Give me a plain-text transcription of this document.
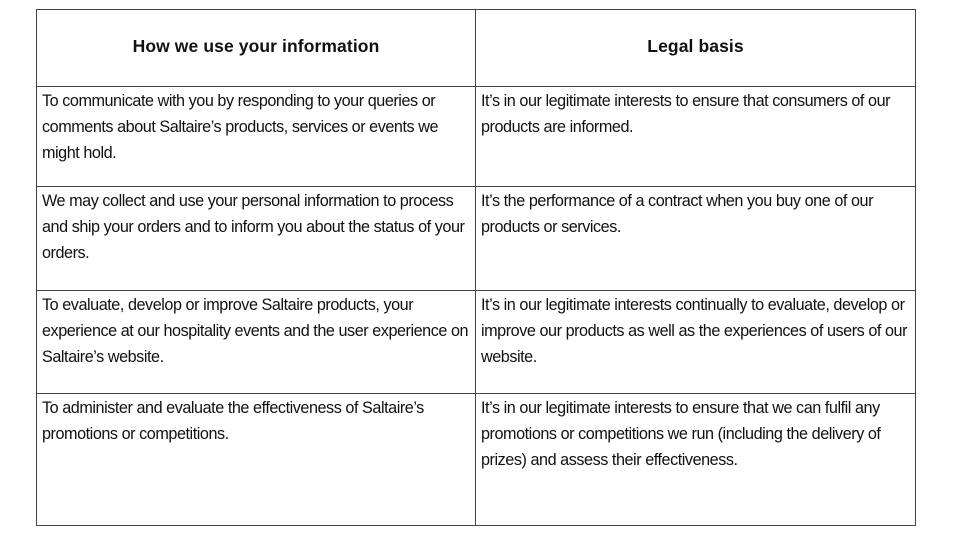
How we use your information	Legal basis
To communicate with you by responding to your queries or comments about Saltaire’s products, services or events we might hold.	It’s in our legitimate interests to ensure that consumers of our products are informed.
We may collect and use your personal information to process and ship your orders and to inform you about the status of your orders.	It’s the performance of a contract when you buy one of our products or services.
To evaluate, develop or improve Saltaire products, your experience at our hospitality events and the user experience on Saltaire’s website.	It’s in our legitimate interests continually to evaluate, develop or improve our products as well as the experiences of users of our website.
To administer and evaluate the effectiveness of Saltaire’s promotions or competitions.	It’s in our legitimate interests to ensure that we can fulfil any promotions or competitions we run (including the delivery of prizes) and assess their effectiveness.
